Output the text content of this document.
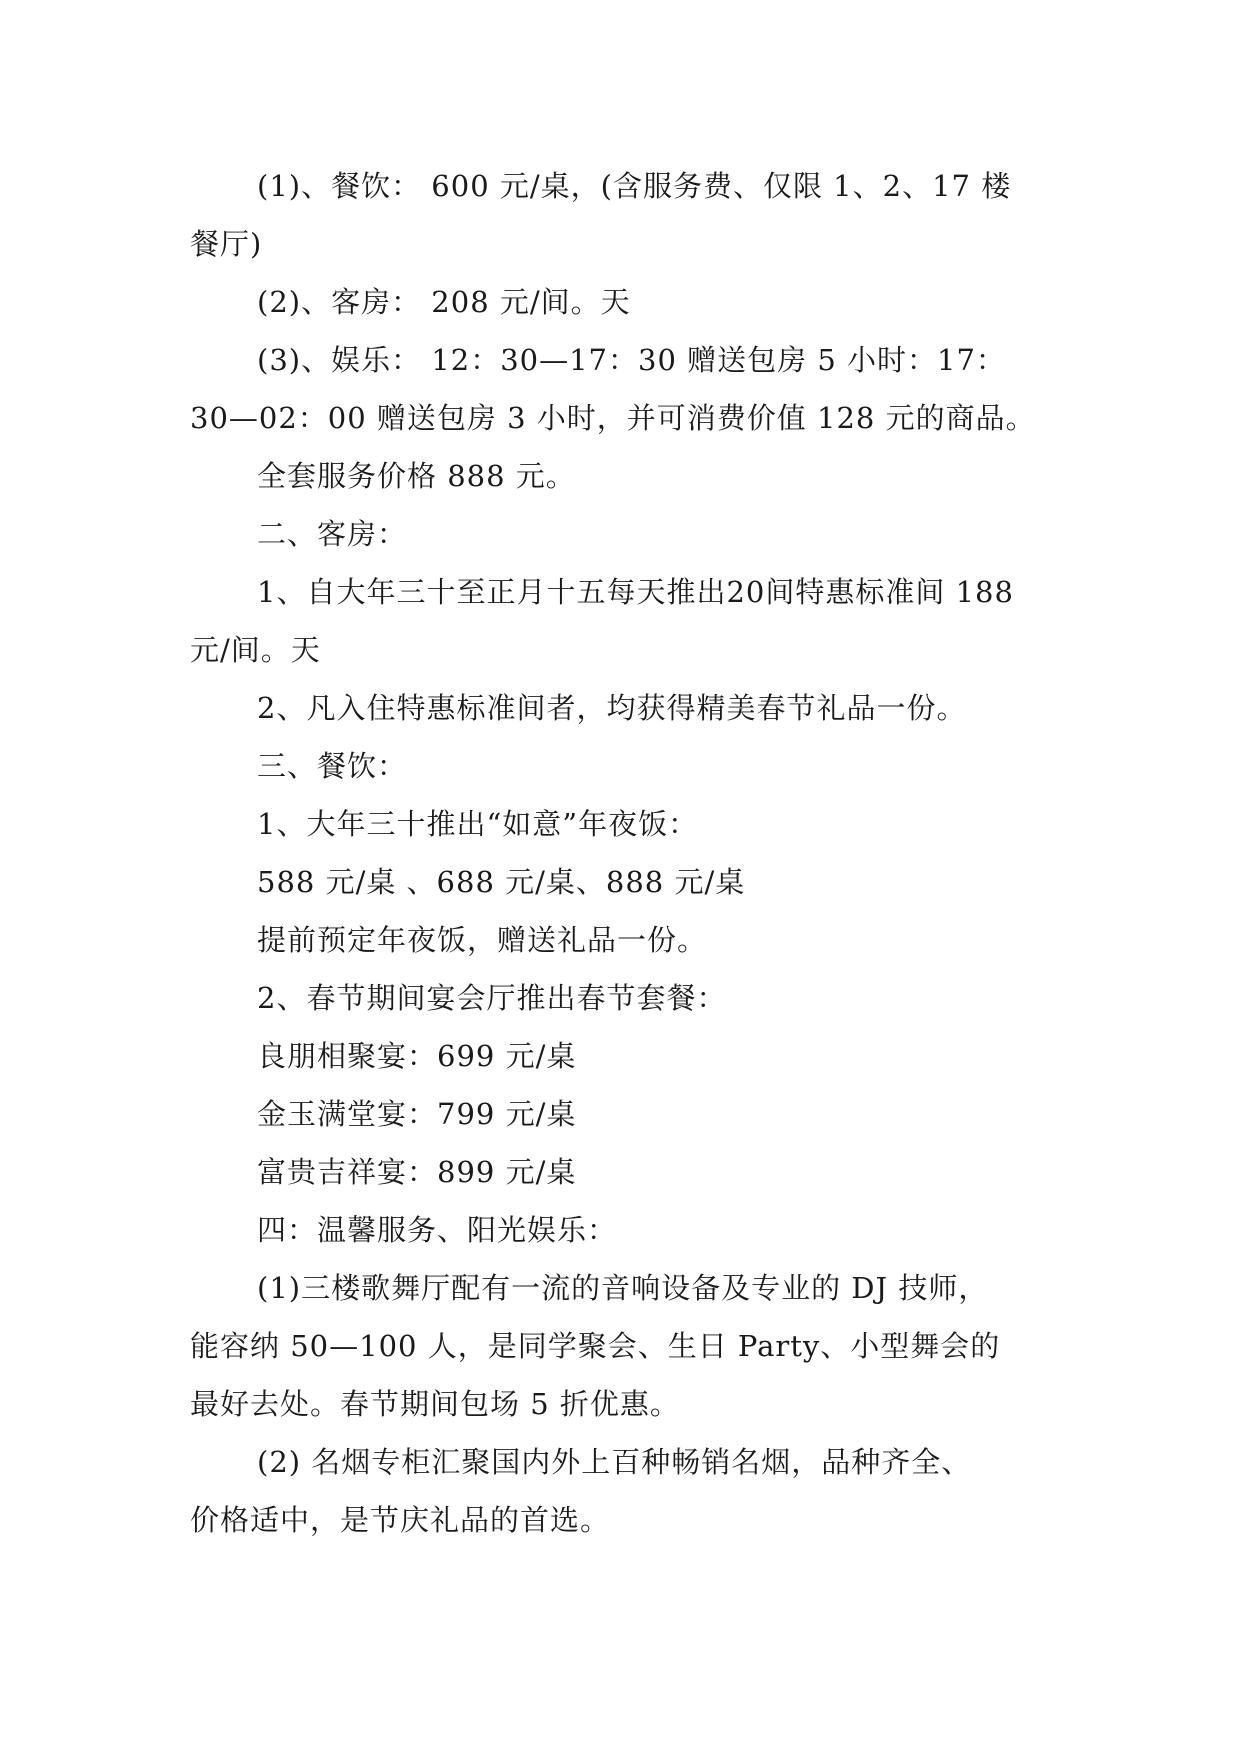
(1)、餐饮： 600 元/桌，(含服务费、仅限 1、2、17 楼
餐厅)
(2)、客房： 208 元/间。天
(3)、娱乐： 12：30—17：30 赠送包房 5 小时：17：
30—02：00 赠送包房 3 小时，并可消费价值 128 元的商品。
全套服务价格 888 元。
二、客房：
1、自大年三十至正月十五每天推出20间特惠标准间 188
元/间。天
2、凡入住特惠标准间者，均获得精美春节礼品一份。
三、餐饮：
1、大年三十推出“如意”年夜饭：
588 元/桌 、688 元/桌、888 元/桌
提前预定年夜饭，赠送礼品一份。
2、春节期间宴会厅推出春节套餐：
良朋相聚宴：699 元/桌
金玉满堂宴：799 元/桌
富贵吉祥宴：899 元/桌
四：温馨服务、阳光娱乐：
(1)三楼歌舞厅配有一流的音响设备及专业的 DJ 技师，
能容纳 50—100 人，是同学聚会、生日 Party、小型舞会的
最好去处。春节期间包场 5 折优惠。
(2) 名烟专柜汇聚国内外上百种畅销名烟，品种齐全、
价格适中，是节庆礼品的首选。
